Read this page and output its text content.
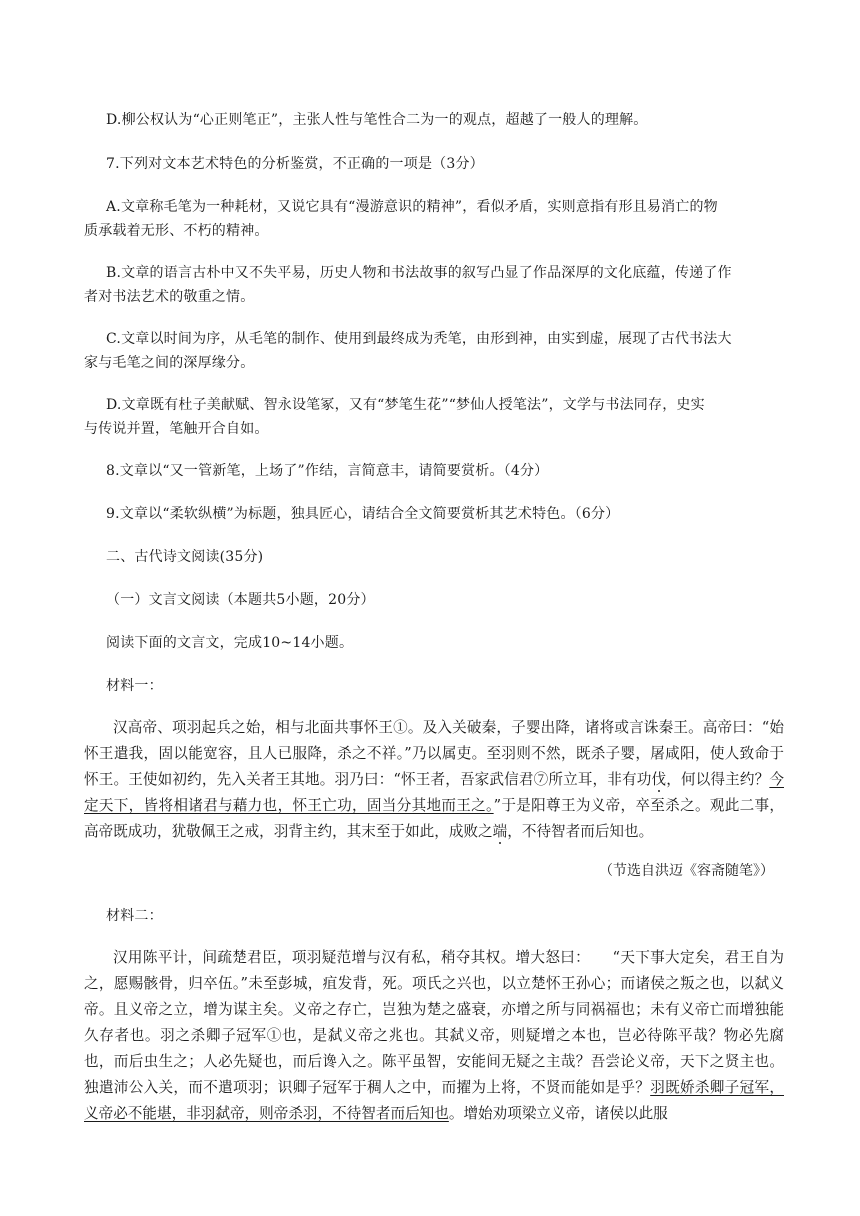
D.柳公权认为“心正则笔正”，主张人性与笔性合二为一的观点，超越了一般人的理解。
7.下列对文本艺术特色的分析鉴赏，不正确的一项是（3分）
A.文章称毛笔为一种耗材，又说它具有“漫游意识的精神”，看似矛盾，实则意指有形且易消亡的物
质承载着无形、不朽的精神。
B.文章的语言古朴中又不失平易，历史人物和书法故事的叙写凸显了作品深厚的文化底蕴，传递了作
者对书法艺术的敬重之情。
C.文章以时间为序，从毛笔的制作、使用到最终成为秃笔，由形到神，由实到虚，展现了古代书法大
家与毛笔之间的深厚缘分。
D.文章既有杜子美献赋、智永设笔冢，又有“梦笔生花”“梦仙人授笔法”，文学与书法同存，史实
与传说并置，笔触开合自如。
8.文章以“又一管新笔，上场了”作结，言简意丰，请简要赏析。（4分）
9.文章以“柔软纵横”为标题，独具匠心，请结合全文简要赏析其艺术特色。（6分）
二、古代诗文阅读(35分)
（一）文言文阅读（本题共5小题，20分）
阅读下面的文言文，完成10~14小题。
材料一：

汉高帝、项羽起兵之始，相与北面共事怀王①。及入关破秦，子婴出降，诸将或言诛秦王。高帝曰：“始怀王遣我，固以能宽容，且人已服降，杀之不祥。”乃以属吏。至羽则不然，既杀子婴，屠咸阳，使人致命于怀王。王使如初约，先入关者王其地。羽乃曰：“怀王者，吾家武信君⑦所立耳，非有功伐，何以得主约？今定天下，皆将相诸君与藉力也，怀王亡功，固当分其地而王之。”于是阳尊王为义帝，卒至杀之。观此二事，高帝既成功，犹敬佩王之戒，羽背主约，其末至于如此，成败之端，不待智者而后知也。

（节选自洪迈《容斋随笔》）
材料二：

汉用陈平计，间疏楚君臣，项羽疑范增与汉有私，稍夺其权。增大怒曰：　　“天下事大定矣，君王自为之，愿赐骸骨，归卒伍。”未至彭城，疽发背，死。项氏之兴也，以立楚怀王孙心；而诸侯之叛之也，以弑义帝。且义帝之立，增为谋主矣。义帝之存亡，岂独为楚之盛衰，亦增之所与同祸福也；未有义帝亡而增独能久存者也。羽之杀卿子冠军①也，是弑义帝之兆也。其弑义帝，则疑增之本也，岂必待陈平哉？物必先腐也，而后虫生之；人必先疑也，而后谗入之。陈平虽智，安能间无疑之主哉？吾尝论义帝，天下之贤主也。独遣沛公入关，而不遣项羽；识卿子冠军于稠人之中，而擢为上将，不贤而能如是乎？羽既娇杀卿子冠军，义帝必不能堪，非羽弑帝，则帝杀羽，不待智者而后知也。增始劝项梁立义帝，诸侯以此服
